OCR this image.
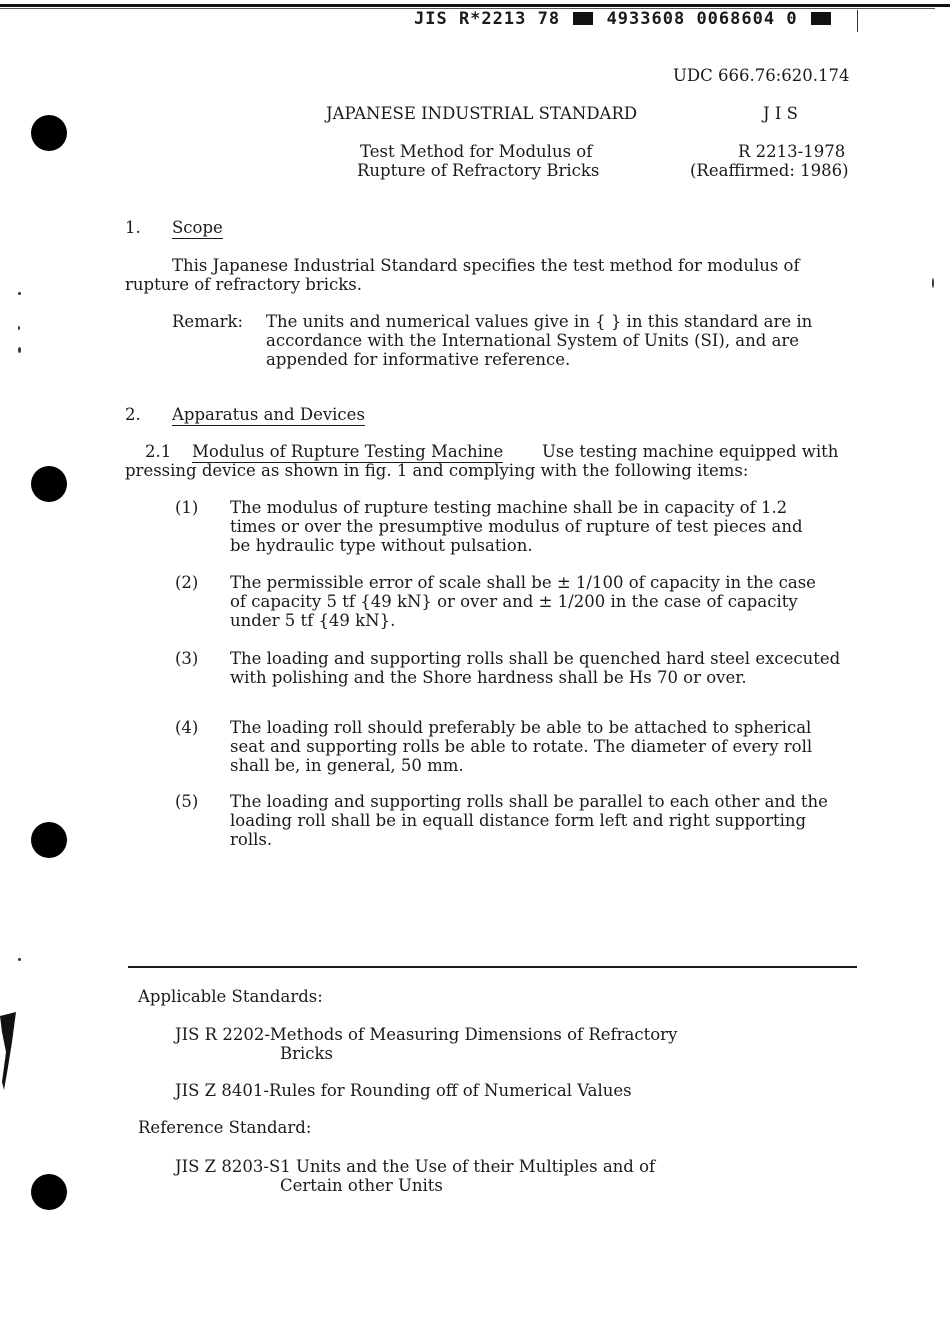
JIS R*2213 78	4933608 0068604 0
UDC 666.76:620.174
JAPANESE INDUSTRIAL STANDARD	J I S
Test Method for Modulus of
Rupture of Refractory Bricks
R 2213-1978
(Reaffirmed: 1986)
1. Scope
This Japanese Industrial Standard specifies the test method for modulus of
rupture of refractory bricks.
Remark: The units and numerical values give in { } in this standard are in
accordance with the International System of Units (SI), and are
appended for informative reference.
2. Apparatus and Devices
2.1 Modulus of Rupture Testing Machine Use testing machine equipped with
pressing device as shown in fig. 1 and complying with the following items:
(1) The modulus of rupture testing machine shall be in capacity of 1.2
times or over the presumptive modulus of rupture of test pieces and
be hydraulic type without pulsation.
(2) The permissible error of scale shall be ± 1/100 of capacity in the case
of capacity 5 tf {49 kN} or over and ± 1/200 in the case of capacity
under 5 tf {49 kN}.
(3) The loading and supporting rolls shall be quenched hard steel excecuted
with polishing and the Shore hardness shall be Hs 70 or over.
(4) The loading roll should preferably be able to be attached to spherical
seat and supporting rolls be able to rotate. The diameter of every roll
shall be, in general, 50 mm.
(5) The loading and supporting rolls shall be parallel to each other and the
loading roll shall be in equall distance form left and right supporting
rolls.
Applicable Standards:
JIS R 2202-Methods of Measuring Dimensions of Refractory
Bricks
JIS Z 8401-Rules for Rounding off of Numerical Values
Reference Standard:
JIS Z 8203-S1 Units and the Use of their Multiples and of
Certain other Units
